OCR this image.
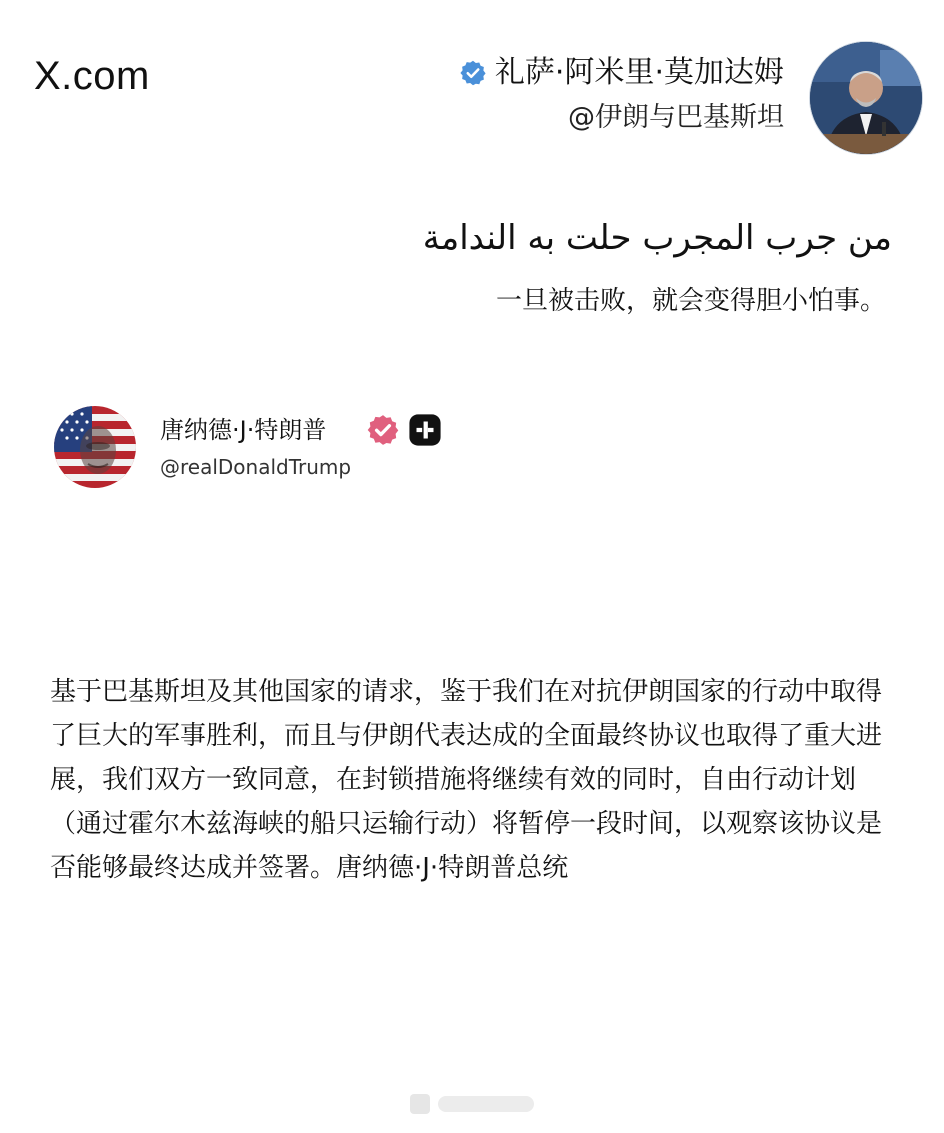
X.com	礼萨·阿米里·莫加达姆
@伊朗与巴基斯坦
من جرب المجرب حلت به الندامة
一旦被击败，就会变得胆小怕事。
唐纳德·J·特朗普
@realDonaldTrump
基于巴基斯坦及其他国家的请求，鉴于我们在对抗伊朗国家的行动中取得了巨大的军事胜利，而且与伊朗代表达成的全面最终协议也取得了重大进展，我们双方一致同意，在封锁措施将继续有效的同时，自由行动计划（通过霍尔木兹海峡的船只运输行动）将暂停一段时间，以观察该协议是否能够最终达成并签署。唐纳德·J·特朗普总统
